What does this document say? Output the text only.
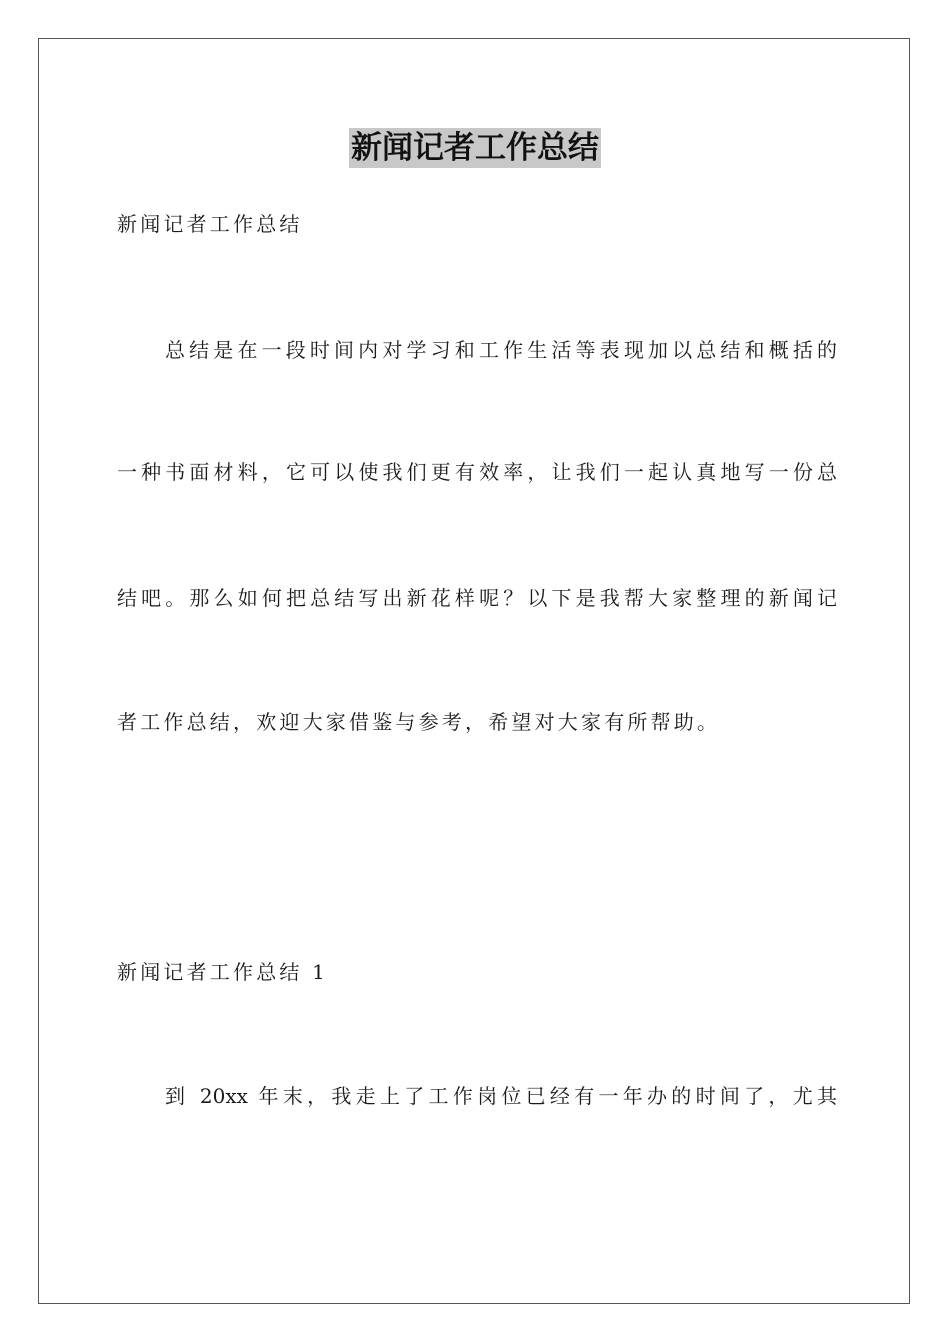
新闻记者工作总结
新闻记者工作总结
总结是在一段时间内对学习和工作生活等表现加以总结和概括的
一种书面材料，它可以使我们更有效率，让我们一起认真地写一份总
结吧。那么如何把总结写出新花样呢？以下是我帮大家整理的新闻记
者工作总结，欢迎大家借鉴与参考，希望对大家有所帮助。
新闻记者工作总结 1
到 20xx 年末，我走上了工作岗位已经有一年办的时间了，尤其
